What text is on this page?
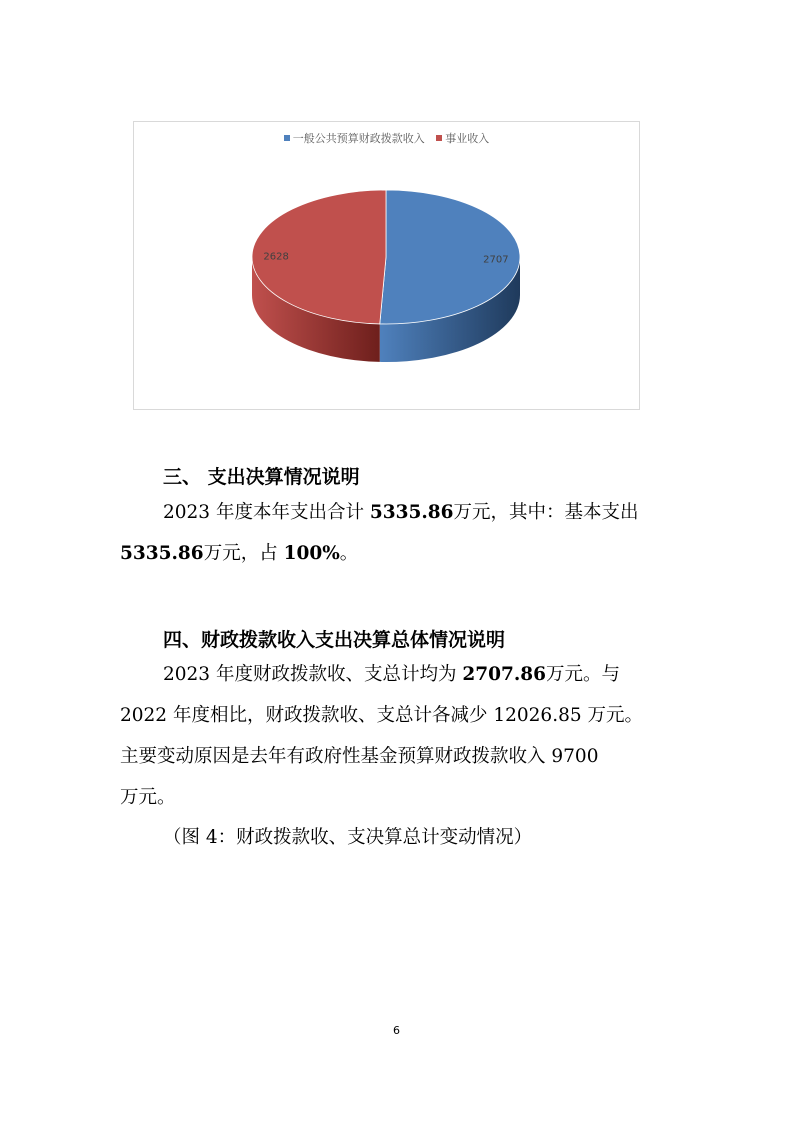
一般公共预算财政拨款收入 事业收入
2707
2628
三、 支出决算情况说明
2023 年度本年支出合计 5335.86万元，其中：基本支出
5335.86万元，占 100%。
四、财政拨款收入支出决算总体情况说明
2023 年度财政拨款收、支总计均为 2707.86万元。与
2022 年度相比，财政拨款收、支总计各减少 12026.85 万元。
主要变动原因是去年有政府性基金预算财政拨款收入 9700
万元。
（图 4：财政拨款收、支决算总计变动情况）
6
